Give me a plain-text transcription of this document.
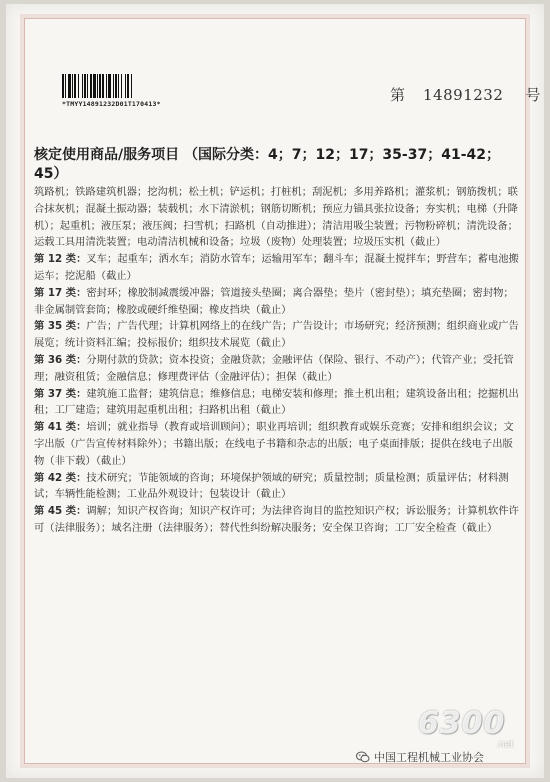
*TMYY14891232D01T170413*	第 14891232 号
核定使用商品/服务项目 （国际分类：4；7；12；17；35-37；41-42；45）

筑路机；铁路建筑机器；挖沟机；松土机；铲运机；打桩机；刮泥机；多用养路机；灌浆机；钢筋拨机；联合抹灰机；混凝土振动器；装载机；水下清淤机；钢筋切断机；预应力锚具张拉设备；夯实机；电梯（升降机）；起重机；液压泵；液压阀；扫雪机；扫路机（自动推进）；清洁用吸尘装置；污物粉碎机；清洗设备；运载工具用清洗装置；电动清洁机械和设备；垃圾（废物）处理装置；垃圾压实机（截止）

第 12 类：叉车；起重车；洒水车；消防水管车；运输用军车；翻斗车；混凝土搅拌车；野营车；蓄电池搬运车；挖泥船（截止）

第 17 类：密封环；橡胶制减震缓冲器；管道接头垫圈；离合器垫；垫片（密封垫）；填充垫圈；密封物；非金属制管套筒；橡胶或硬纤维垫圈；橡皮挡块（截止）

第 35 类：广告；广告代理；计算机网络上的在线广告；广告设计；市场研究；经济预测；组织商业或广告展览；统计资料汇编；投标报价；组织技术展览（截止）

第 36 类：分期付款的贷款；资本投资；金融贷款；金融评估（保险、银行、不动产）；代管产业；受托管理；融资租赁；金融信息；修理费评估（金融评估）；担保（截止）

第 37 类：建筑施工监督；建筑信息；维修信息；电梯安装和修理；推土机出租；建筑设备出租；挖掘机出租；工厂建造；建筑用起重机出租；扫路机出租（截止）

第 41 类：培训；就业指导（教育或培训顾问）；职业再培训；组织教育或娱乐竞赛；安排和组织会议；文字出版（广告宣传材料除外）；书籍出版；在线电子书籍和杂志的出版；电子桌面排版；提供在线电子出版物（非下载）（截止）

第 42 类：技术研究；节能领域的咨询；环境保护领域的研究；质量控制；质量检测；质量评估；材料测试；车辆性能检测；工业品外观设计；包装设计（截止）

第 45 类：调解；知识产权咨询；知识产权许可；为法律咨询目的监控知识产权；诉讼服务；计算机软件许可（法律服务）；域名注册（法律服务）；替代性纠纷解决服务；安全保卫咨询；工厂安全检查（截止）

6300
.net
中国工程机械工业协会
